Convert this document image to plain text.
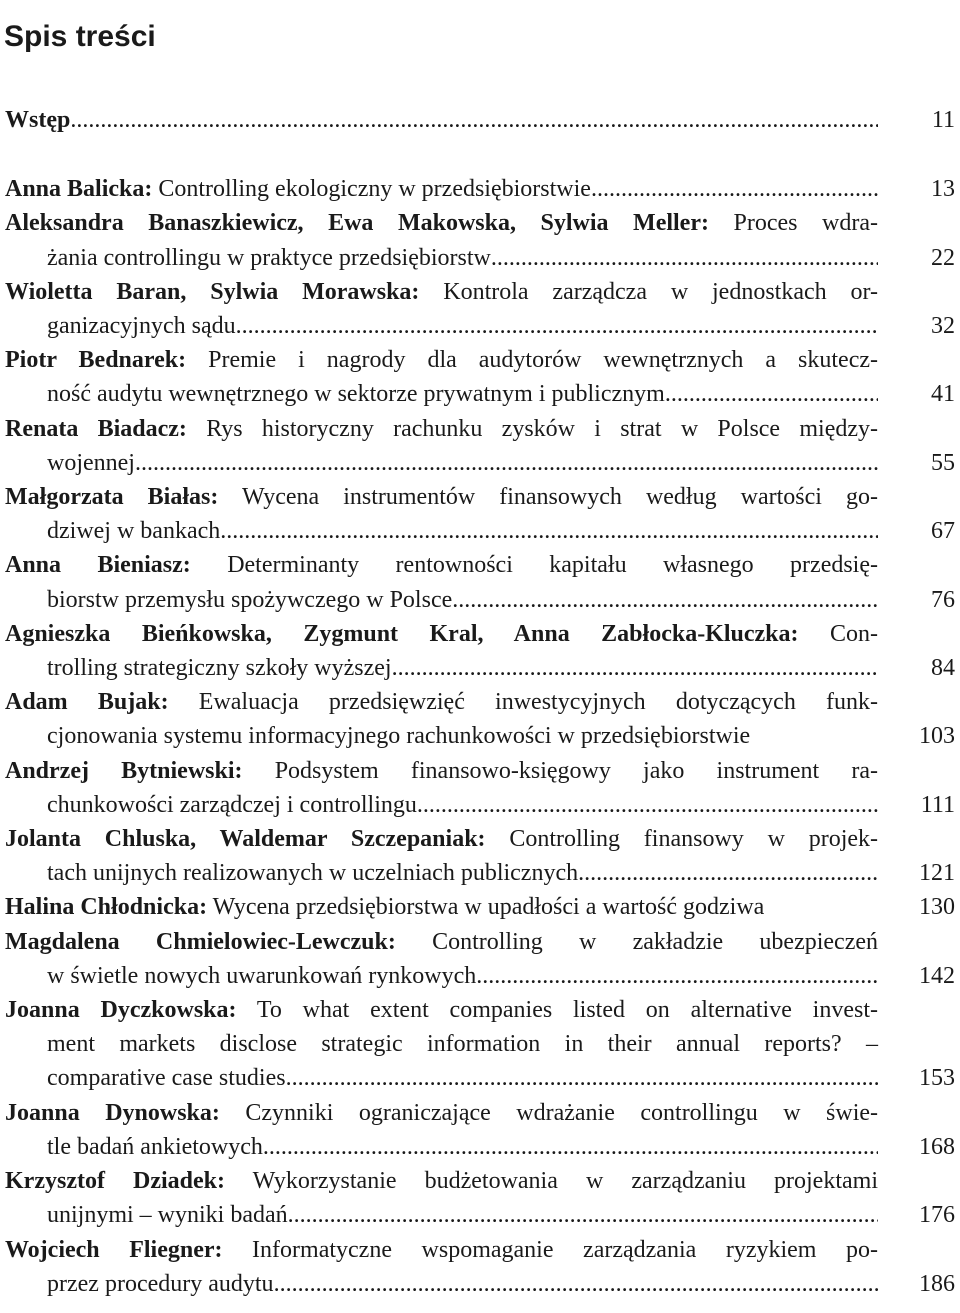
Spis treści
Wstęp .....	11
Anna Balicka: Controlling ekologiczny w przedsiębiorstwie .....	13
Aleksandra Banaszkiewicz, Ewa Makowska, Sylwia Meller: Proces wdra-
żania controllingu w praktyce przedsiębiorstw .....	22
Wioletta Baran, Sylwia Morawska: Kontrola zarządcza w jednostkach or-
ganizacyjnych sądu .....	32
Piotr Bednarek: Premie i nagrody dla audytorów wewnętrznych a skutecz-
ność audytu wewnętrznego w sektorze prywatnym i publicznym .....	41
Renata Biadacz: Rys historyczny rachunku zysków i strat w Polsce między-
wojennej .....	55
Małgorzata Białas: Wycena instrumentów finansowych według wartości go-
dziwej w bankach .....	67
Anna Bieniasz: Determinanty rentowności kapitału własnego przedsię-
biorstw przemysłu spożywczego w Polsce .....	76
Agnieszka Bieńkowska, Zygmunt Kral, Anna Zabłocka-Kluczka: Con-
trolling strategiczny szkoły wyższej .....	84
Adam Bujak: Ewaluacja przedsięwzięć inwestycyjnych dotyczących funk-
cjonowania systemu informacyjnego rachunkowości w przedsiębiorstwie	103
Andrzej Bytniewski: Podsystem finansowo-księgowy jako instrument ra-
chunkowości zarządczej i controllingu .....	111
Jolanta Chluska, Waldemar Szczepaniak: Controlling finansowy w projek-
tach unijnych realizowanych w uczelniach publicznych .....	121
Halina Chłodnicka: Wycena przedsiębiorstwa w upadłości a wartość godziwa	130
Magdalena Chmielowiec-Lewczuk: Controlling w zakładzie ubezpieczeń
w świetle nowych uwarunkowań rynkowych .....	142
Joanna Dyczkowska: To what extent companies listed on alternative invest-
ment markets disclose strategic information in their annual reports? –
comparative case studies .....	153
Joanna Dynowska: Czynniki ograniczające wdrażanie controllingu w świe-
tle badań ankietowych .....	168
Krzysztof Dziadek: Wykorzystanie budżetowania w zarządzaniu projektami
unijnymi – wyniki badań .....	176
Wojciech Fliegner: Informatyczne wspomaganie zarządzania ryzykiem po-
przez procedury audytu .....	186
